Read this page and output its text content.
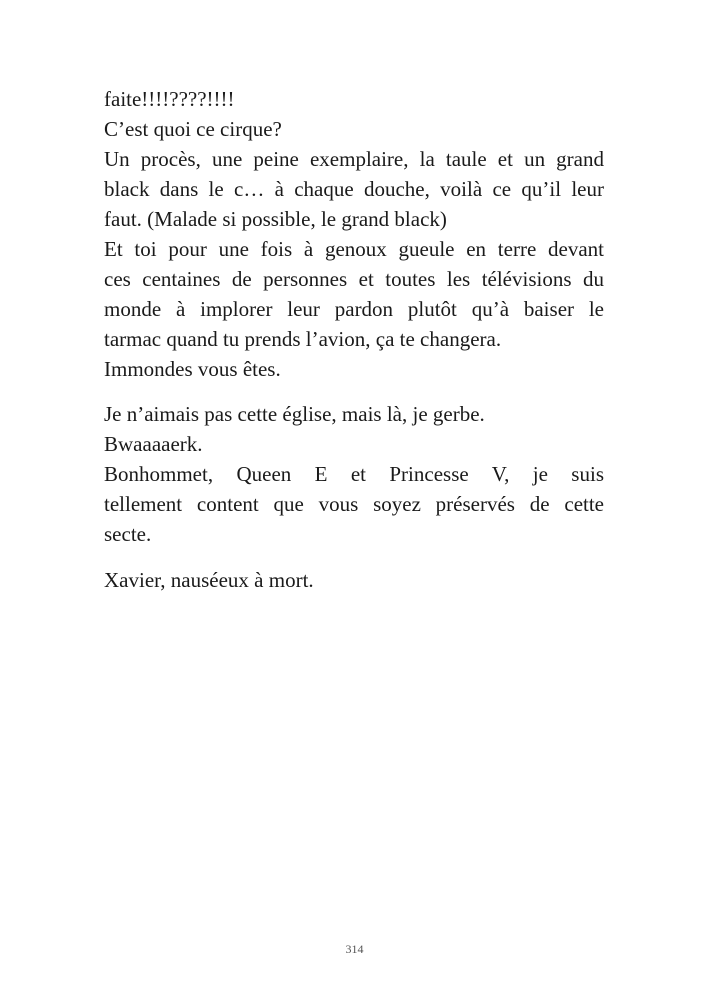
faite!!!!????!!!!
C’est quoi ce cirque?
Un procès, une peine exemplaire, la taule et un grand
black dans le c… à chaque douche, voilà ce qu’il leur
faut. (Malade si possible, le grand black)
Et toi pour une fois à genoux gueule en terre devant
ces centaines de personnes et toutes les télévisions du
monde à implorer leur pardon plutôt qu’à baiser le
tarmac quand tu prends l’avion, ça te changera.
Immondes vous êtes.
Je n’aimais pas cette église, mais là, je gerbe.
Bwaaaaerk.
Bonhommet, Queen E et Princesse V, je suis
tellement content que vous soyez préservés de cette
secte.
Xavier, nauséeux à mort.
314
